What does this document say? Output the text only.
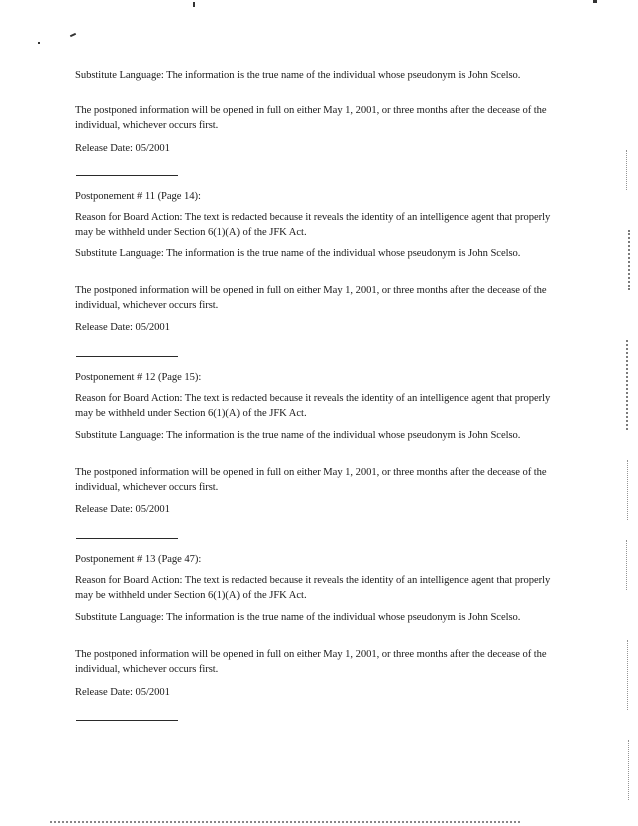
Substitute Language: The information is the true name of the individual whose pseudonym is John Scelso.

The postponed information will be opened in full on either May 1, 2001, or three months after the decease of the individual, whichever occurs first.

Release Date: 05/2001

Postponement # 11 (Page 14):

Reason for Board Action: The text is redacted because it reveals the identity of an intelligence agent that properly may be withheld under Section 6(1)(A) of the JFK Act.

Substitute Language: The information is the true name of the individual whose pseudonym is John Scelso.

The postponed information will be opened in full on either May 1, 2001, or three months after the decease of the individual, whichever occurs first.

Release Date: 05/2001

Postponement # 12 (Page 15):

Reason for Board Action: The text is redacted because it reveals the identity of an intelligence agent that properly may be withheld under Section 6(1)(A) of the JFK Act.

Substitute Language: The information is the true name of the individual whose pseudonym is John Scelso.

The postponed information will be opened in full on either May 1, 2001, or three months after the decease of the individual, whichever occurs first.

Release Date: 05/2001

Postponement # 13 (Page 47):

Reason for Board Action: The text is redacted because it reveals the identity of an intelligence agent that properly may be withheld under Section 6(1)(A) of the JFK Act.

Substitute Language: The information is the true name of the individual whose pseudonym is John Scelso.

The postponed information will be opened in full on either May 1, 2001, or three months after the decease of the individual, whichever occurs first.

Release Date: 05/2001
